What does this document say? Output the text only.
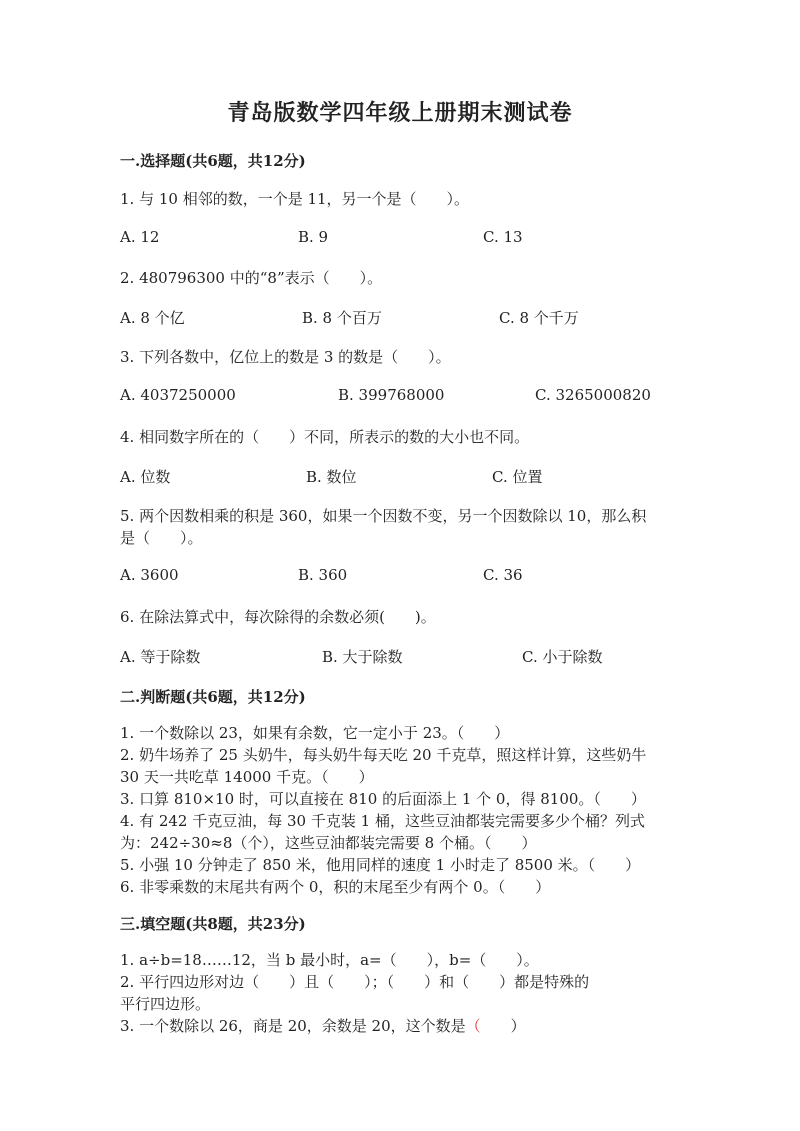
青岛版数学四年级上册期末测试卷
一.选择题(共6题，共12分)
1. 与 10 相邻的数，一个是 11，另一个是（　　）。
A. 12	B. 9	C. 13
2. 480796300 中的“8”表示（　　）。
A. 8 个亿	B. 8 个百万	C. 8 个千万
3. 下列各数中，亿位上的数是 3 的数是（　　）。
A. 4037250000	B. 399768000	C. 3265000820
4. 相同数字所在的（　　）不同，所表示的数的大小也不同。
A. 位数	B. 数位	C. 位置
5. 两个因数相乘的积是 360，如果一个因数不变，另一个因数除以 10，那么积
是（　　）。
A. 3600	B. 360	C. 36
6. 在除法算式中，每次除得的余数必须(　　)。
A. 等于除数	B. 大于除数	C. 小于除数
二.判断题(共6题，共12分)
1. 一个数除以 23，如果有余数，它一定小于 23。（　　）
2. 奶牛场养了 25 头奶牛，每头奶牛每天吃 20 千克草，照这样计算，这些奶牛
30 天一共吃草 14000 千克。（　　）
3. 口算 810×10 时，可以直接在 810 的后面添上 1 个 0，得 8100。（　　）
4. 有 242 千克豆油，每 30 千克装 1 桶，这些豆油都装完需要多少个桶？列式
为：242÷30≈8（个），这些豆油都装完需要 8 个桶。（　　）
5. 小强 10 分钟走了 850 米，他用同样的速度 1 小时走了 8500 米。（　　）
6. 非零乘数的末尾共有两个 0，积的末尾至少有两个 0。（　　）
三.填空题(共8题，共23分)
1. a÷b=18……12，当 b 最小时，a=（　　），b=（　　）。
2. 平行四边形对边（　　）且（　　）；（　　）和（　　）都是特殊的
平行四边形。
3. 一个数除以 26，商是 20，余数是 20，这个数是（　　）
